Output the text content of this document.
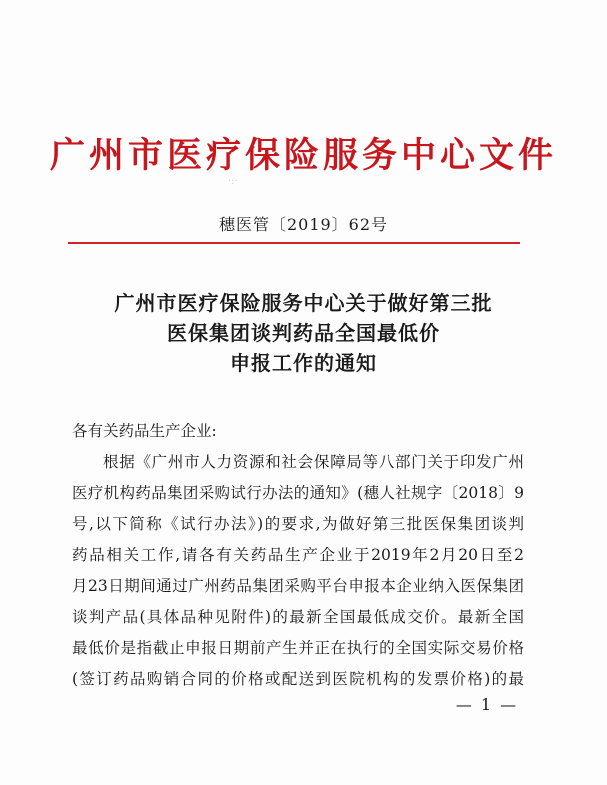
·:·
广州市医疗保险服务中心文件
穗医管〔2019〕62号
广州市医疗保险服务中心关于做好第三批
医保集团谈判药品全国最低价
申报工作的通知
各有关药品生产企业:
根据《广州市人力资源和社会保障局等八部门关于印发广州
医疗机构药品集团采购试行办法的通知》(穗人社规字〔2018〕9
号,以下简称《试行办法》)的要求,为做好第三批医保集团谈判
药品相关工作,请各有关药品生产企业于2019年2月20日至2
月23日期间通过广州药品集团采购平台申报本企业纳入医保集团
谈判产品(具体品种见附件)的最新全国最低成交价。最新全国
最低价是指截止申报日期前产生并正在执行的全国实际交易价格
(签订药品购销合同的价格或配送到医院机构的发票价格)的最
— 1 —
